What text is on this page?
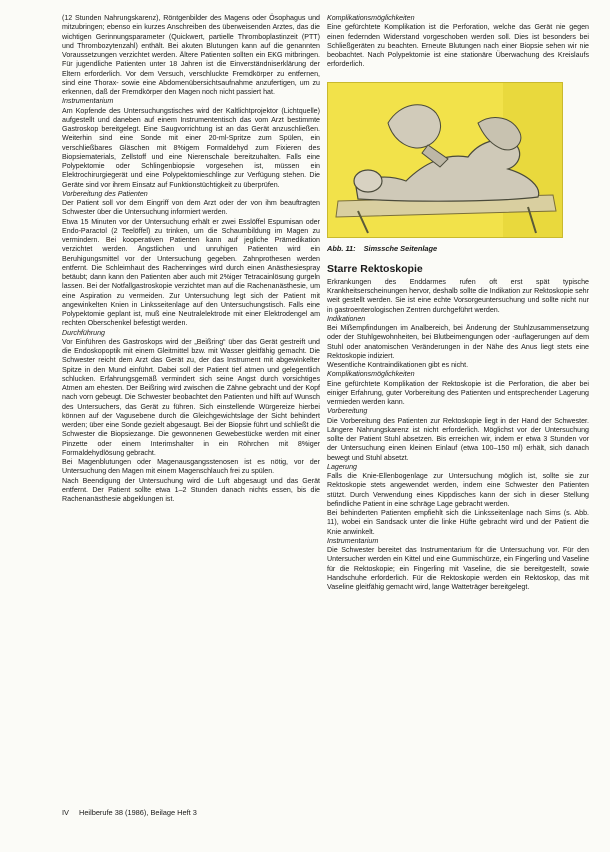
(12 Stunden Nahrungskarenz), Röntgenbilder des Magens oder Ösophagus und mitzubringen; ebenso ein kurzes Anschreiben des überweisenden Arztes, das die wichtigen Gerinnungsparameter (Quickwert, partielle Thromboplastinzeit (PTT) und Thrombozytenzahl) enthält. Bei akuten Blutungen kann auf die genannten Voraussetzungen verzichtet werden. Ältere Patienten sollten ein EKG mitbringen. Für jugendliche Patienten unter 18 Jahren ist die Einverständniserklärung der Eltern erforderlich. Vor dem Versuch, verschluckte Fremdkörper zu entfernen, sind eine Thorax- sowie eine Abdomenübersichtsaufnahme anzufertigen, um zu erkennen, daß der Fremdkörper den Magen noch nicht passiert hat.

Instrumentarium

Am Kopfende des Untersuchungstisches wird der Kaltlichtprojektor (Lichtquelle) aufgestellt und daneben auf einem Instrumententisch das vom Arzt bestimmte Gastroskop bereitgelegt. Eine Saugvorrichtung ist an das Gerät anzuschließen. Weiterhin sind eine Sonde mit einer 20-ml-Spritze zum Spülen, ein verschließbares Gläschen mit 8%igem Formaldehyd zum Fixieren des Biopsiematerials, Zellstoff und eine Nierenschale bereitzuhalten. Falls eine Polypektomie oder Schlingenbiopsie vorgesehen ist, müssen ein Elektrochirurgiegerät und eine Polypektomieschlinge zur Verfügung stehen. Die Geräte sind vor ihrem Einsatz auf Funktionstüchtigkeit zu überprüfen.

Vorbereitung des Patienten

Der Patient soll vor dem Eingriff von dem Arzt oder der von ihm beauftragten Schwester über die Untersuchung informiert werden.

Etwa 15 Minuten vor der Untersuchung erhält er zwei Esslöffel Espumisan oder Endo-Paractol (2 Teelöffel) zu trinken, um die Schaumbildung im Magen zu vermindern. Bei kooperativen Patienten kann auf jegliche Prämedikation verzichtet werden. Ängstlichen und unruhigen Patienten wird ein Beruhigungsmittel vor der Untersuchung gegeben. Zahnprothesen werden entfernt. Die Schleimhaut des Rachenringes wird durch einen Anästhesiespray betäubt; dann kann den Patienten aber auch mit 2%iger Tetracainlösung gurgeln lassen. Bei der Notfallgastroskopie verzichtet man auf die Rachenanästhesie, um eine Aspiration zu vermeiden. Zur Untersuchung legt sich der Patient mit angewinkelten Knien in Linksseitenlage auf den Untersuchungstisch. Falls eine Polypektomie geplant ist, muß eine Neutralelektrode mit einer Elektrodengel am rechten Oberschenkel befestigt werden.

Durchführung

Vor Einführen des Gastroskops wird der „Beißring“ über das Gerät gestreift und die Endoskopoptik mit einem Gleitmittel bzw. mit Wasser gleitfähig gemacht. Die Schwester reicht dem Arzt das Gerät zu, der das Instrument mit abgewinkelter Spitze in den Mund einführt. Dabei soll der Patient tief atmen und gelegentlich schlucken. Erfahrungsgemäß vermindert sich seine Angst durch vorsichtiges Atmen am ehesten. Der Beißring wird zwischen die Zähne gebracht und der Kopf nach vorn gebeugt. Die Schwester beobachtet den Patienten und hilft auf Wunsch des Untersuchers, das Gerät zu führen. Sich einstellende Würgereize hierbei können auf der Vagusebene durch die Gleichgewichtslage der Sicht behindert werden; über eine Sonde gezielt abgesaugt. Bei der Biopsie führt und schließt die Schwester die Biopsiezange. Die gewonnenen Gewebestücke werden mit einer Pinzette oder einem Interimshalter in ein Röhrchen mit 8%iger Formaldehydlösung gebracht.

Bei Magenblutungen oder Magenausgangsstenosen ist es nötig, vor der Untersuchung den Magen mit einem Magenschlauch frei zu spülen.

Nach Beendigung der Untersuchung wird die Luft abgesaugt und das Gerät entfernt. Der Patient sollte etwa 1–2 Stunden danach nichts essen, bis die Rachenanästhesie abgeklungen ist.

Komplikationsmöglichkeiten

Eine gefürchtete Komplikation ist die Perforation, welche das Gerät nie gegen einen federnden Widerstand vorgeschoben werden soll. Dies ist besonders bei Schließgeräten zu beachten. Erneute Blutungen nach einer Biopsie sehen wir nie beobachtet. Nach Polypektomie ist eine stationäre Überwachung des Kreislaufs erforderlich.

Abb. 11: Simssche Seitenlage

Starre Rektoskopie

Erkrankungen des Enddarmes rufen oft erst spät typische Krankheitserscheinungen hervor, deshalb sollte die Indikation zur Rektoskopie sehr weit gestellt werden. Sie ist eine echte Vorsorgeuntersuchung und sollte nicht nur in gastroenterologischen Zentren durchgeführt werden.

Indikationen

Bei Mißempfindungen im Analbereich, bei Änderung der Stuhlzusammensetzung oder der Stuhlgewohnheiten, bei Blutbeimengungen oder -auflagerungen auf dem Stuhl oder anatomischen Veränderungen in der Nähe des Anus liegt stets eine Rektoskopie indiziert.

Wesentliche Kontraindikationen gibt es nicht.

Komplikationsmöglichkeiten

Eine gefürchtete Komplikation der Rektoskopie ist die Perforation, die aber bei einiger Erfahrung, guter Vorbereitung des Patienten und entsprechender Lagerung vermieden werden kann.

Vorbereitung

Die Vorbereitung des Patienten zur Rektoskopie liegt in der Hand der Schwester. Längere Nahrungskarenz ist nicht erforderlich. Möglichst vor der Untersuchung sollte der Patient Stuhl absetzen. Bis erreichen wir, indem er etwa 3 Stunden vor der Untersuchung einen kleinen Einlauf (etwa 100–150 ml) erhält, sich danach bewegt und Stuhl absetzt.

Lagerung

Falls die Knie-Ellenbogenlage zur Untersuchung möglich ist, sollte sie zur Rektoskopie stets angewendet werden, indem eine Schwester den Patienten stützt. Durch Verwendung eines Kippdisches kann der sich in dieser Stellung befindliche Patient in eine schräge Lage gebracht werden.

Bei behinderten Patienten empfiehlt sich die Linksseitenlage nach Sims (s. Abb. 11), wobei ein Sandsack unter die linke Hüfte gebracht wird und der Patient die Knie anwinkelt.

Instrumentarium

Die Schwester bereitet das Instrumentarium für die Untersuchung vor. Für den Untersucher werden ein Kittel und eine Gummischürze, ein Fingerling und Vaseline für die Rektoskopie; ein Fingerling mit Vaseline, die sie bereitgestellt, sowie Handschuhe erforderlich. Für die Rektoskopie werden ein Rektoskop, das mit Vaseline gleitfähig gemacht wird, lange Watteträger bereitgelegt.

IV Heilberufe 38 (1986), Beilage Heft 3
